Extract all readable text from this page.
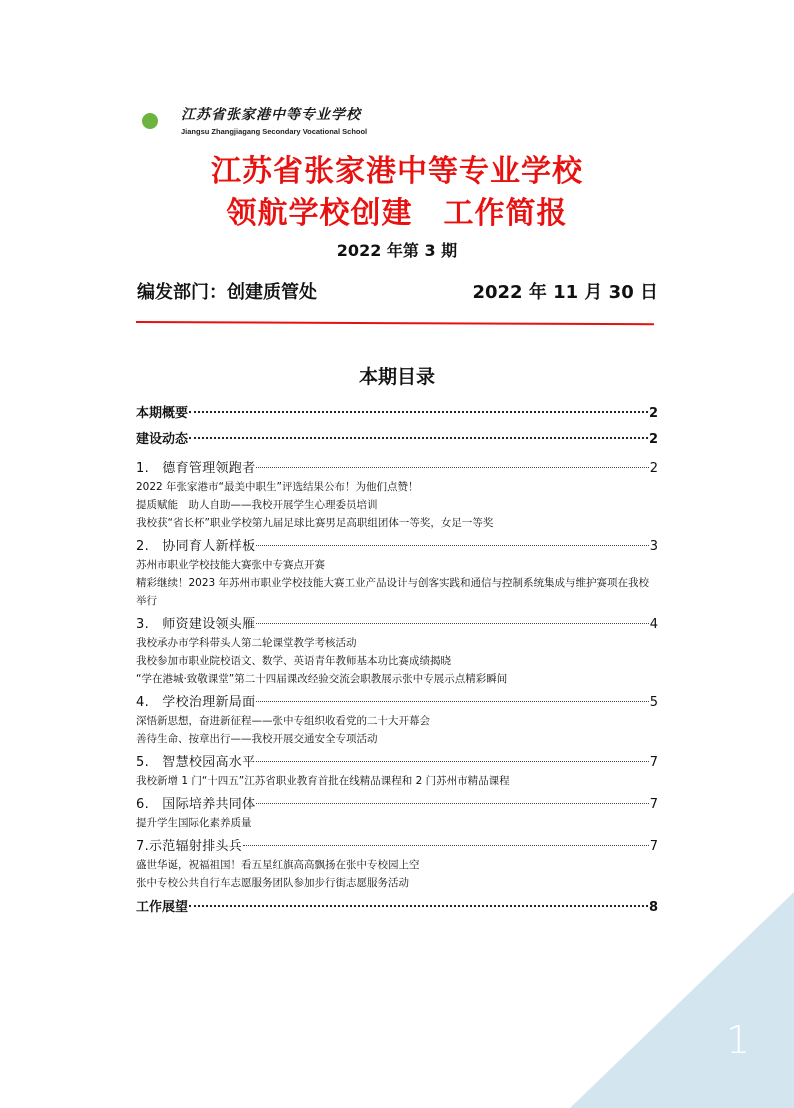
江苏省张家港中等专业学校
Jiangsu Zhangjiagang Secondary Vocational School
江苏省张家港中等专业学校
领航学校创建　工作简报
2022 年第 3 期
编发部门：创建质管处	2022 年 11 月 30 日
本期目录
本期概要	2
建设动态	2
1.　德育管理领跑者	2
2022 年张家港市“最美中职生”评选结果公布！为他们点赞！
提质赋能　助人自助——我校开展学生心理委员培训
我校获“省长杯”职业学校第九届足球比赛男足高职组团体一等奖，女足一等奖
2.　协同育人新样板	3
苏州市职业学校技能大赛张中专赛点开赛
精彩继续！2023 年苏州市职业学校技能大赛工业产品设计与创客实践和通信与控制系统集成与维护赛项在我校举行
3.　师资建设领头雁	4
我校承办市学科带头人第二轮课堂教学考核活动
我校参加市职业院校语文、数学、英语青年教师基本功比赛成绩揭晓
“学在港城·致敬课堂”第二十四届课改经验交流会职教展示张中专展示点精彩瞬间
4.　学校治理新局面	5
深悟新思想，奋进新征程——张中专组织收看党的二十大开幕会
善待生命、按章出行——我校开展交通安全专项活动
5.　智慧校园高水平	7
我校新增 1 门“十四五”江苏省职业教育首批在线精品课程和 2 门苏州市精品课程
6.　国际培养共同体	7
提升学生国际化素养质量
7.示范辐射排头兵	7
盛世华诞，祝福祖国！看五星红旗高高飘扬在张中专校园上空
张中专校公共自行车志愿服务团队参加步行街志愿服务活动
工作展望	8
1
